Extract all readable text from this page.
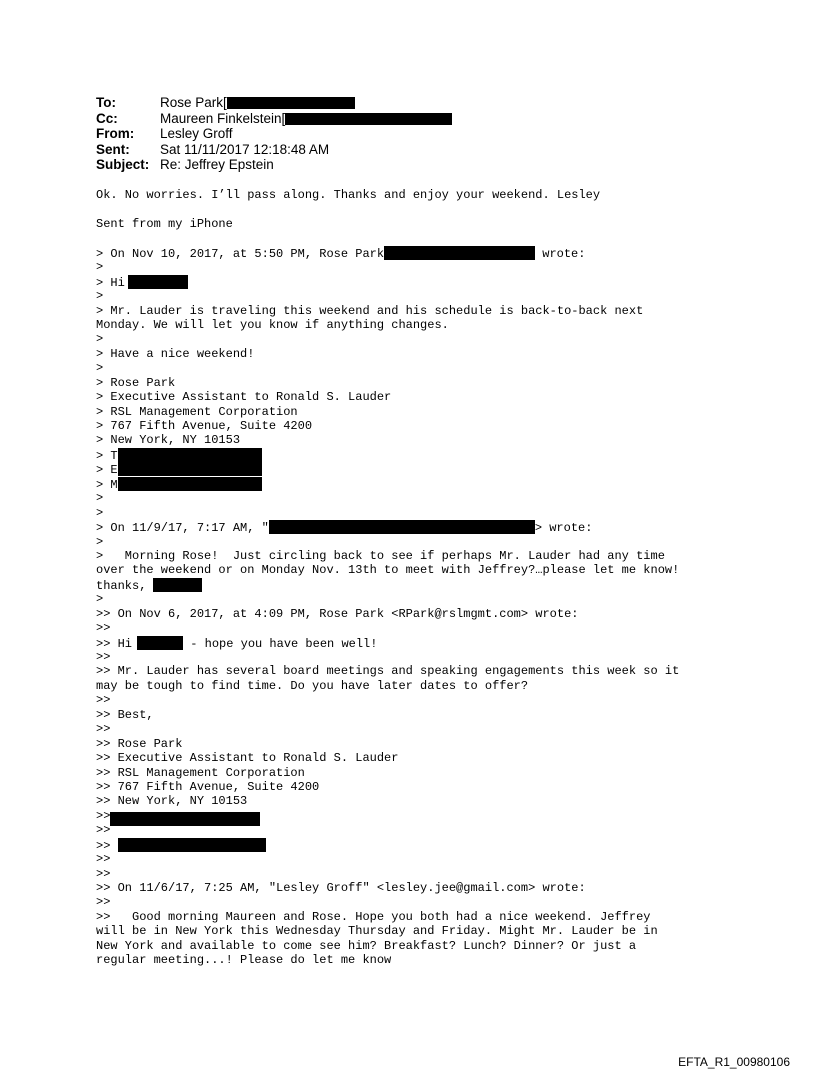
To:	Rose Park[
Cc:	Maureen Finkelstein[
From: Lesley Groff
Sent: Sat 11/11/2017 12:18:48 AM
Subject: Re: Jeffrey Epstein
Ok. No worries. I’ll pass along. Thanks and enjoy your weekend. Lesley
Sent from my iPhone
> On Nov 10, 2017, at 5:50 PM, Rose Park	wrote:
>
> Hi
>
> Mr. Lauder is traveling this weekend and his schedule is back-to-back next
Monday. We will let you know if anything changes.
>
> Have a nice weekend!
>
> Rose Park
> Executive Assistant to Ronald S. Lauder
> RSL Management Corporation
> 767 Fifth Avenue, Suite 4200
> New York, NY 10153
> T
> E
> M
>
>
> On 11/9/17, 7:17 AM, "	> wrote:
>
>   Morning Rose!  Just circling back to see if perhaps Mr. Lauder had any time
over the weekend or on Monday Nov. 13th to meet with Jeffrey?…please let me know!
thanks,
>
>> On Nov 6, 2017, at 4:09 PM, Rose Park <RPark@rslmgmt.com> wrote:
>>
>> Hi	- hope you have been well!
>>
>> Mr. Lauder has several board meetings and speaking engagements this week so it
may be tough to find time. Do you have later dates to offer?
>>
>> Best,
>>
>> Rose Park
>> Executive Assistant to Ronald S. Lauder
>> RSL Management Corporation
>> 767 Fifth Avenue, Suite 4200
>> New York, NY 10153
>>
>>
>>
>>
>>
>> On 11/6/17, 7:25 AM, "Lesley Groff" <lesley.jee@gmail.com> wrote:
>>
>>   Good morning Maureen and Rose. Hope you both had a nice weekend. Jeffrey
will be in New York this Wednesday Thursday and Friday. Might Mr. Lauder be in
New York and available to come see him? Breakfast? Lunch? Dinner? Or just a
regular meeting...! Please do let me know
EFTA_R1_00980106
